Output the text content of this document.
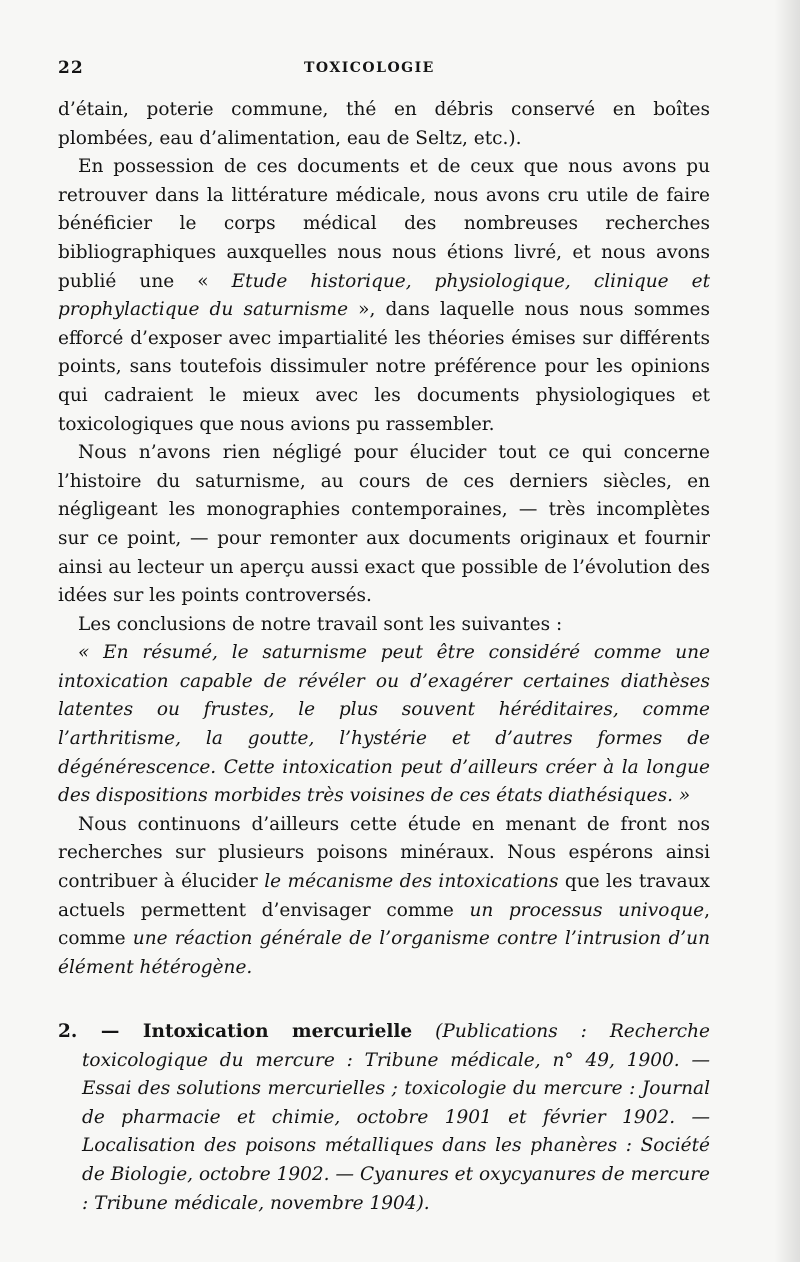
22	TOXICOLOGIE

d’étain, poterie commune, thé en débris conservé en boîtes plombées, eau d’alimentation, eau de Seltz, etc.).

En possession de ces documents et de ceux que nous avons pu retrouver dans la littérature médicale, nous avons cru utile de faire bénéficier le corps médical des nombreuses recherches bibliographiques auxquelles nous nous étions livré, et nous avons publié une « Etude historique, physiologique, clinique et prophylactique du saturnisme », dans laquelle nous nous sommes efforcé d’exposer avec impartialité les théories émises sur différents points, sans toutefois dissimuler notre préférence pour les opinions qui cadraient le mieux avec les documents physiologiques et toxicologiques que nous avions pu rassembler.

Nous n’avons rien négligé pour élucider tout ce qui concerne l’histoire du saturnisme, au cours de ces derniers siècles, en négligeant les monographies contemporaines, — très incomplètes sur ce point, — pour remonter aux documents originaux et fournir ainsi au lecteur un aperçu aussi exact que possible de l’évolution des idées sur les points controversés.

Les conclusions de notre travail sont les suivantes :

« En résumé, le saturnisme peut être considéré comme une intoxication capable de révéler ou d’exagérer certaines diathèses latentes ou frustes, le plus souvent héréditaires, comme l’arthritisme, la goutte, l’hystérie et d’autres formes de dégénérescence. Cette intoxication peut d’ailleurs créer à la longue des dispositions morbides très voisines de ces états diathésiques. »

Nous continuons d’ailleurs cette étude en menant de front nos recherches sur plusieurs poisons minéraux. Nous espérons ainsi contribuer à élucider le mécanisme des intoxications que les travaux actuels permettent d’envisager comme un processus univoque, comme une réaction générale de l’organisme contre l’intrusion d’un élément hétérogène.

2. — Intoxication mercurielle (Publications : Recherche toxicologique du mercure : Tribune médicale, n° 49, 1900. — Essai des solutions mercurielles ; toxicologie du mercure : Journal de pharmacie et chimie, octobre 1901 et février 1902. — Localisation des poisons métalliques dans les phanères : Société de Biologie, octobre 1902. — Cyanures et oxycyanures de mercure : Tribune médicale, novembre 1904).
